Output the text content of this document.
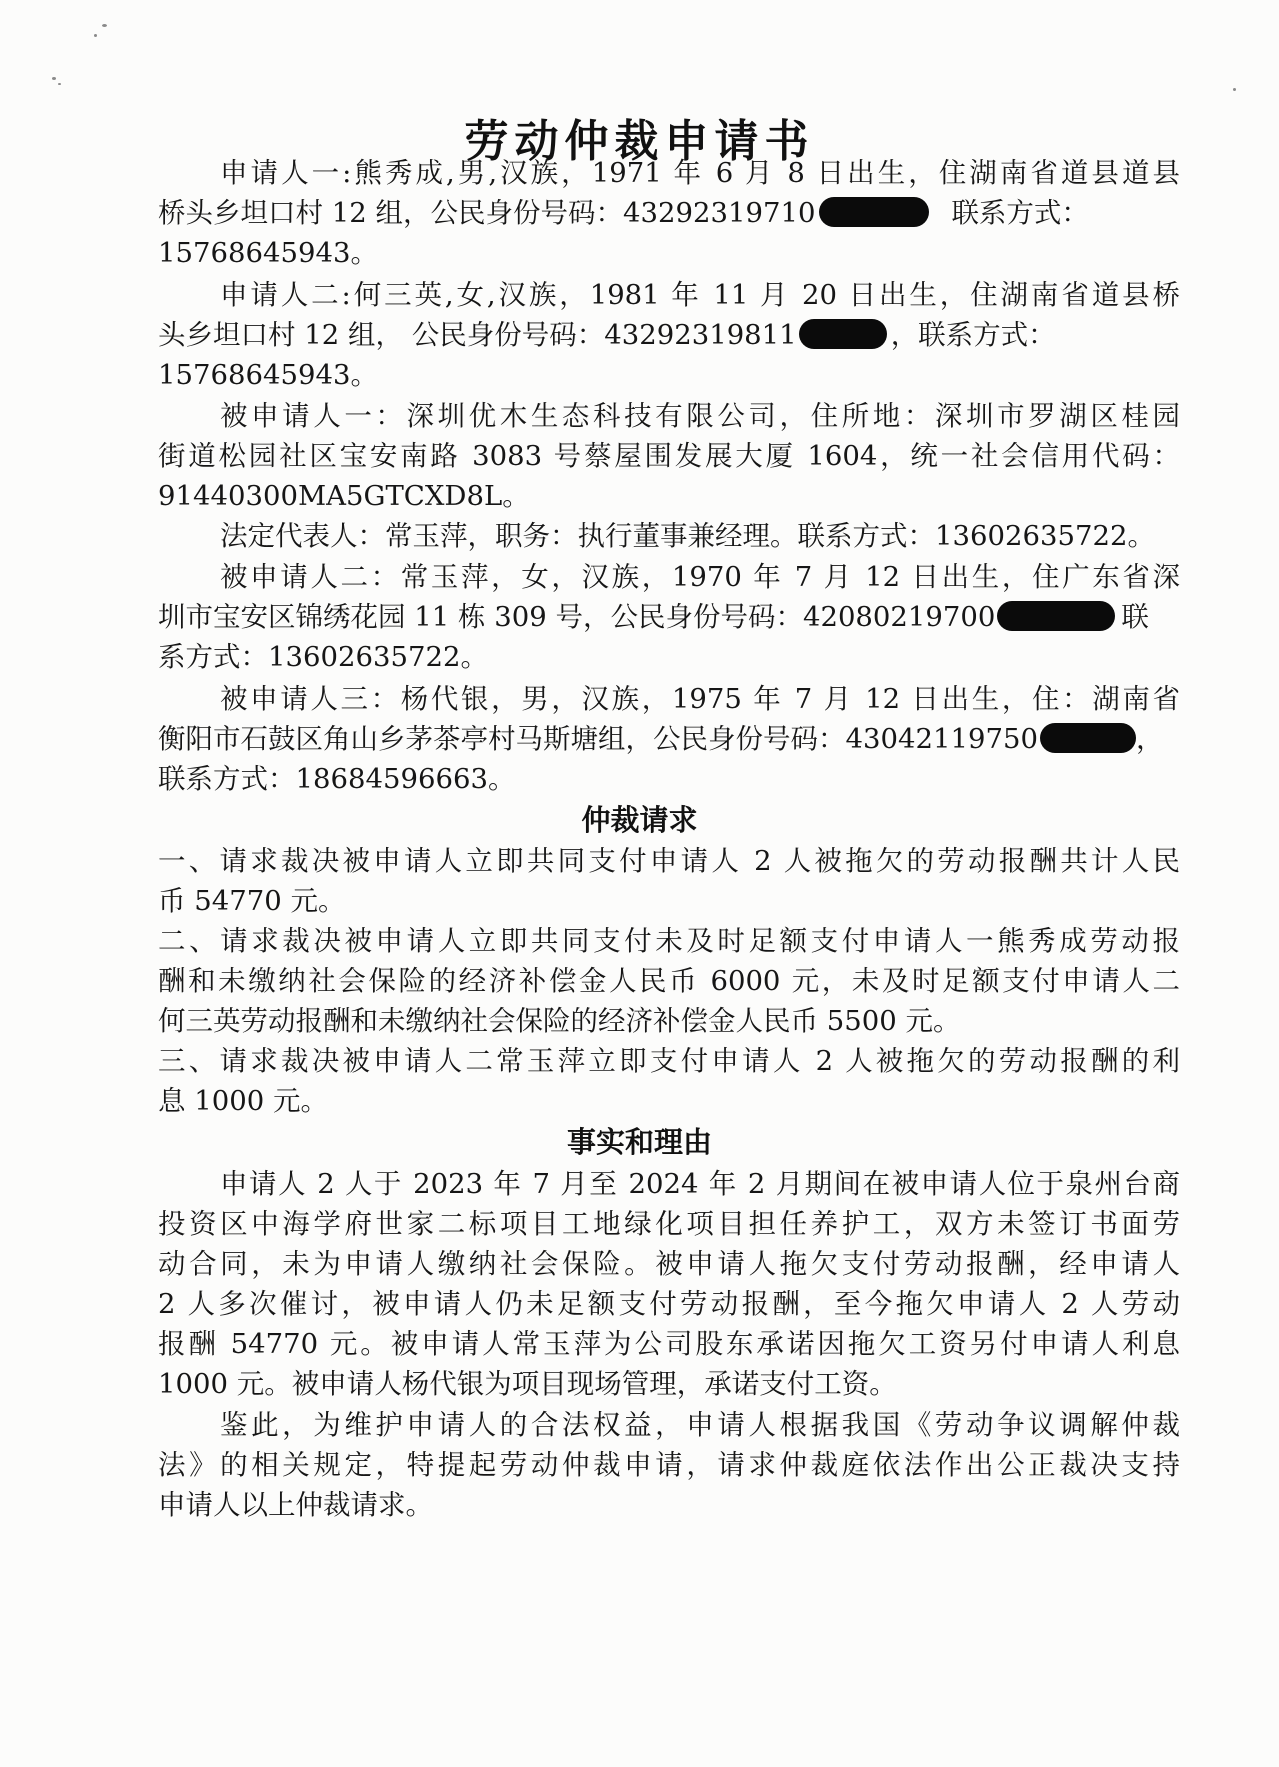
劳动仲裁申请书
申请人一:熊秀成,男,汉族，1971 年 6 月 8 日出生，住湖南省道县道县
桥头乡坦口村 12 组，公民身份号码：43292319710	联系方式：
15768645943。
申请人二:何三英,女,汉族，1981 年 11 月 20 日出生，住湖南省道县桥
头乡坦口村 12 组， 公民身份号码：43292319811	，联系方式：
15768645943。
被申请人一：深圳优木生态科技有限公司，住所地：深圳市罗湖区桂园
街道松园社区宝安南路 3083 号蔡屋围发展大厦 1604，统一社会信用代码：
91440300MA5GTCXD8L。
法定代表人：常玉萍，职务：执行董事兼经理。联系方式：13602635722。
被申请人二：常玉萍，女，汉族，1970 年 7 月 12 日出生，住广东省深
圳市宝安区锦绣花园 11 栋 309 号，公民身份号码：42080219700	联
系方式：13602635722。
被申请人三：杨代银，男，汉族，1975 年 7 月 12 日出生，住：湖南省
衡阳市石鼓区角山乡茅茶亭村马斯塘组，公民身份号码：43042119750	，
联系方式：18684596663。
仲裁请求
一、请求裁决被申请人立即共同支付申请人 2 人被拖欠的劳动报酬共计人民
币 54770 元。
二、请求裁决被申请人立即共同支付未及时足额支付申请人一熊秀成劳动报
酬和未缴纳社会保险的经济补偿金人民币 6000 元，未及时足额支付申请人二
何三英劳动报酬和未缴纳社会保险的经济补偿金人民币 5500 元。
三、请求裁决被申请人二常玉萍立即支付申请人 2 人被拖欠的劳动报酬的利
息 1000 元。
事实和理由
申请人 2 人于 2023 年 7 月至 2024 年 2 月期间在被申请人位于泉州台商
投资区中海学府世家二标项目工地绿化项目担任养护工，双方未签订书面劳
动合同，未为申请人缴纳社会保险。被申请人拖欠支付劳动报酬，经申请人
2 人多次催讨，被申请人仍未足额支付劳动报酬，至今拖欠申请人 2 人劳动
报酬 54770 元。被申请人常玉萍为公司股东承诺因拖欠工资另付申请人利息
1000 元。被申请人杨代银为项目现场管理，承诺支付工资。
鉴此，为维护申请人的合法权益，申请人根据我国《劳动争议调解仲裁
法》的相关规定，特提起劳动仲裁申请，请求仲裁庭依法作出公正裁决支持
申请人以上仲裁请求。
